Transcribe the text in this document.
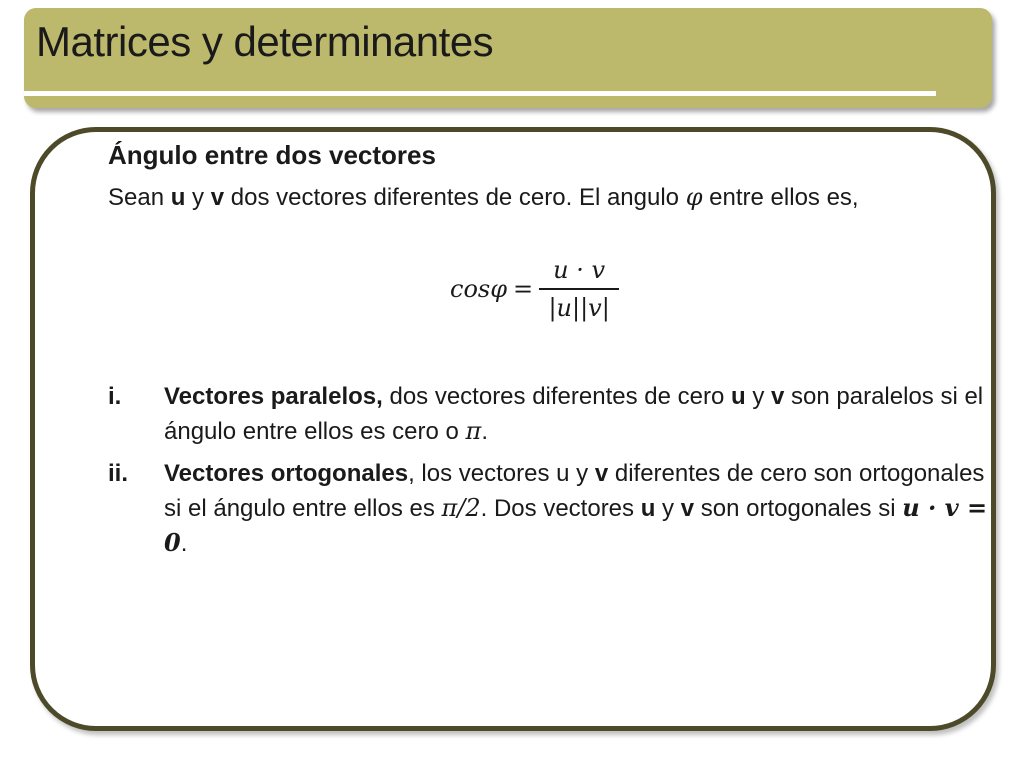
Matrices y determinantes

Ángulo entre dos vectores

Sean u y v dos vectores diferentes de cero. El angulo φ entre ellos es,

$\cos\varphi = \frac{u \cdot v}{|u||v|}$
i.	Vectores paralelos, dos vectores diferentes de cero u y v son paralelos si el ángulo entre ellos es cero o π.
ii.	Vectores ortogonales, los vectores u y v diferentes de cero son ortogonales si el ángulo entre ellos es π/2. Dos vectores u y v son ortogonales si u · v = 0.
